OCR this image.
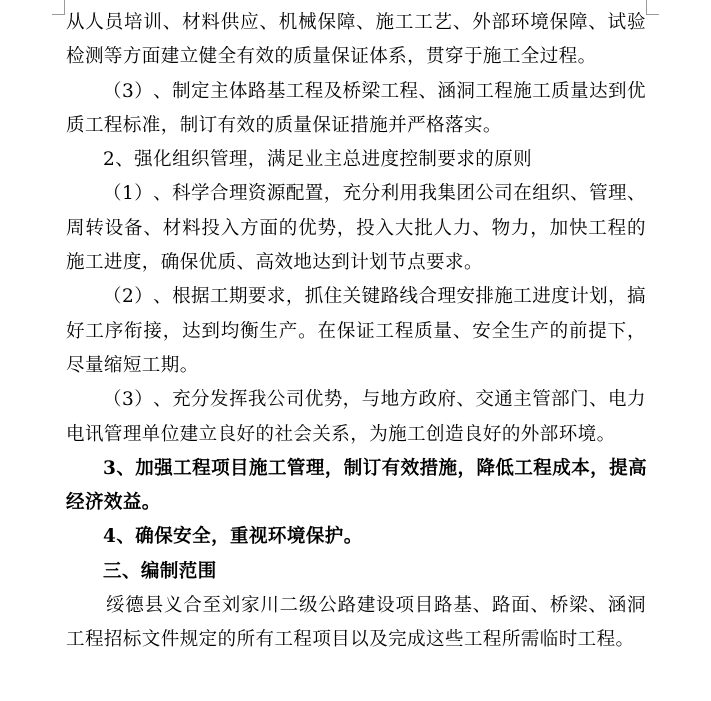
从 人 员 培 训 、 材 料 供 应 、 机 械 保 障 、 施 工 工 艺 、 外 部 环 境 保 障 、 试 验
检测等方面建立健全有效的质量保证体系，贯穿于施工全过程。
（ 3 ） 、 制 定 主 体 路 基 工 程 及 桥 梁 工 程 、 涵 洞 工 程 施 工 质 量 达 到 优
质工程标准，制订有效的质量保证措施并严格落实。
2、强化组织管理，满足业主总进度控制要求的原则
（ 1 ） 、 科 学 合 理 资 源 配 置 ， 充 分 利 用 我 集 团 公 司 在 组 织 、 管 理 、
周 转 设 备 、 材 料 投 入 方 面 的 优 势 ， 投 入 大 批 人 力 、 物 力 ， 加 快 工 程 的
施工进度，确保优质、高效地达到计划节点要求。
（ 2 ） 、 根 据 工 期 要 求 ， 抓 住 关 键 路 线 合 理 安 排 施 工 进 度 计 划 ， 搞
好 工 序 衔 接 ， 达 到 均 衡 生 产 。 在 保 证 工 程 质 量 、 安 全 生 产 的 前 提 下 ，
尽量缩短工期。
（ 3 ） 、 充 分 发 挥 我 公 司 优 势 ， 与 地 方 政 府 、 交 通 主 管 部 门 、 电 力
电讯管理单位建立良好的社会关系，为施工创造良好的外部环境。
3 、 加 强 工 程 项 目 施 工 管 理 ， 制 订 有 效 措 施 ， 降 低 工 程 成 本 ， 提 高
经济效益。
4、确保安全，重视环境保护。
三、编制范围
绥 德 县 义 合 至 刘 家 川 二 级 公 路 建 设 项 目 路 基 、 路 面 、 桥 梁 、 涵 洞
工程招标文件规定的所有工程项目以及完成这些工程所需临时工程。
